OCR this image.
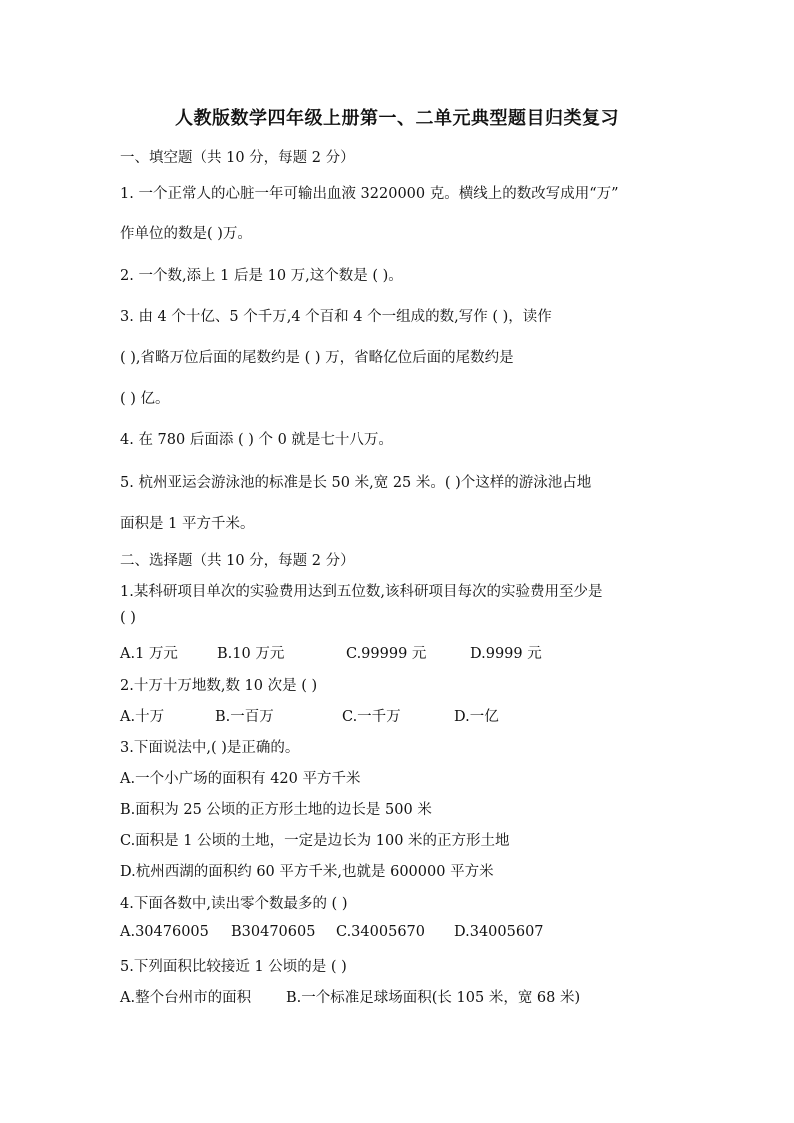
人教版数学四年级上册第一、二单元典型题目归类复习
一、填空题（共 10 分，每题 2 分）
1. 一个正常人的心脏一年可输出血液 3220000 克。横线上的数改写成用“万”
作单位的数是( )万。
2. 一个数,添上 1 后是 10 万,这个数是 ( )。
3. 由 4 个十亿、5 个千万,4 个百和 4 个一组成的数,写作 ( )，读作
( ),省略万位后面的尾数约是 ( ) 万，省略亿位后面的尾数约是
( ) 亿。
4. 在 780 后面添 ( ) 个 0 就是七十八万。
5. 杭州亚运会游泳池的标准是长 50 米,宽 25 米。( )个这样的游泳池占地
面积是 1 平方千米。
二、选择题（共 10 分，每题 2 分）
1.某科研项目单次的实验费用达到五位数,该科研项目每次的实验费用至少是
( )
A.1 万元	B.10 万元	C.99999 元	D.9999 元
2.十万十万地数,数 10 次是 ( )
A.十万	B.一百万	C.一千万	D.一亿
3.下面说法中,( )是正确的。
A.一个小广场的面积有 420 平方千米
B.面积为 25 公顷的正方形土地的边长是 500 米
C.面积是 1 公顷的土地，一定是边长为 100 米的正方形土地
D.杭州西湖的面积约 60 平方千米,也就是 600000 平方米
4.下面各数中,读出零个数最多的 ( )
A.30476005 B30470605 C.34005670 D.34005607
5.下列面积比较接近 1 公顷的是 ( )
A.整个台州市的面积 B.一个标准足球场面积(长 105 米，宽 68 米)
